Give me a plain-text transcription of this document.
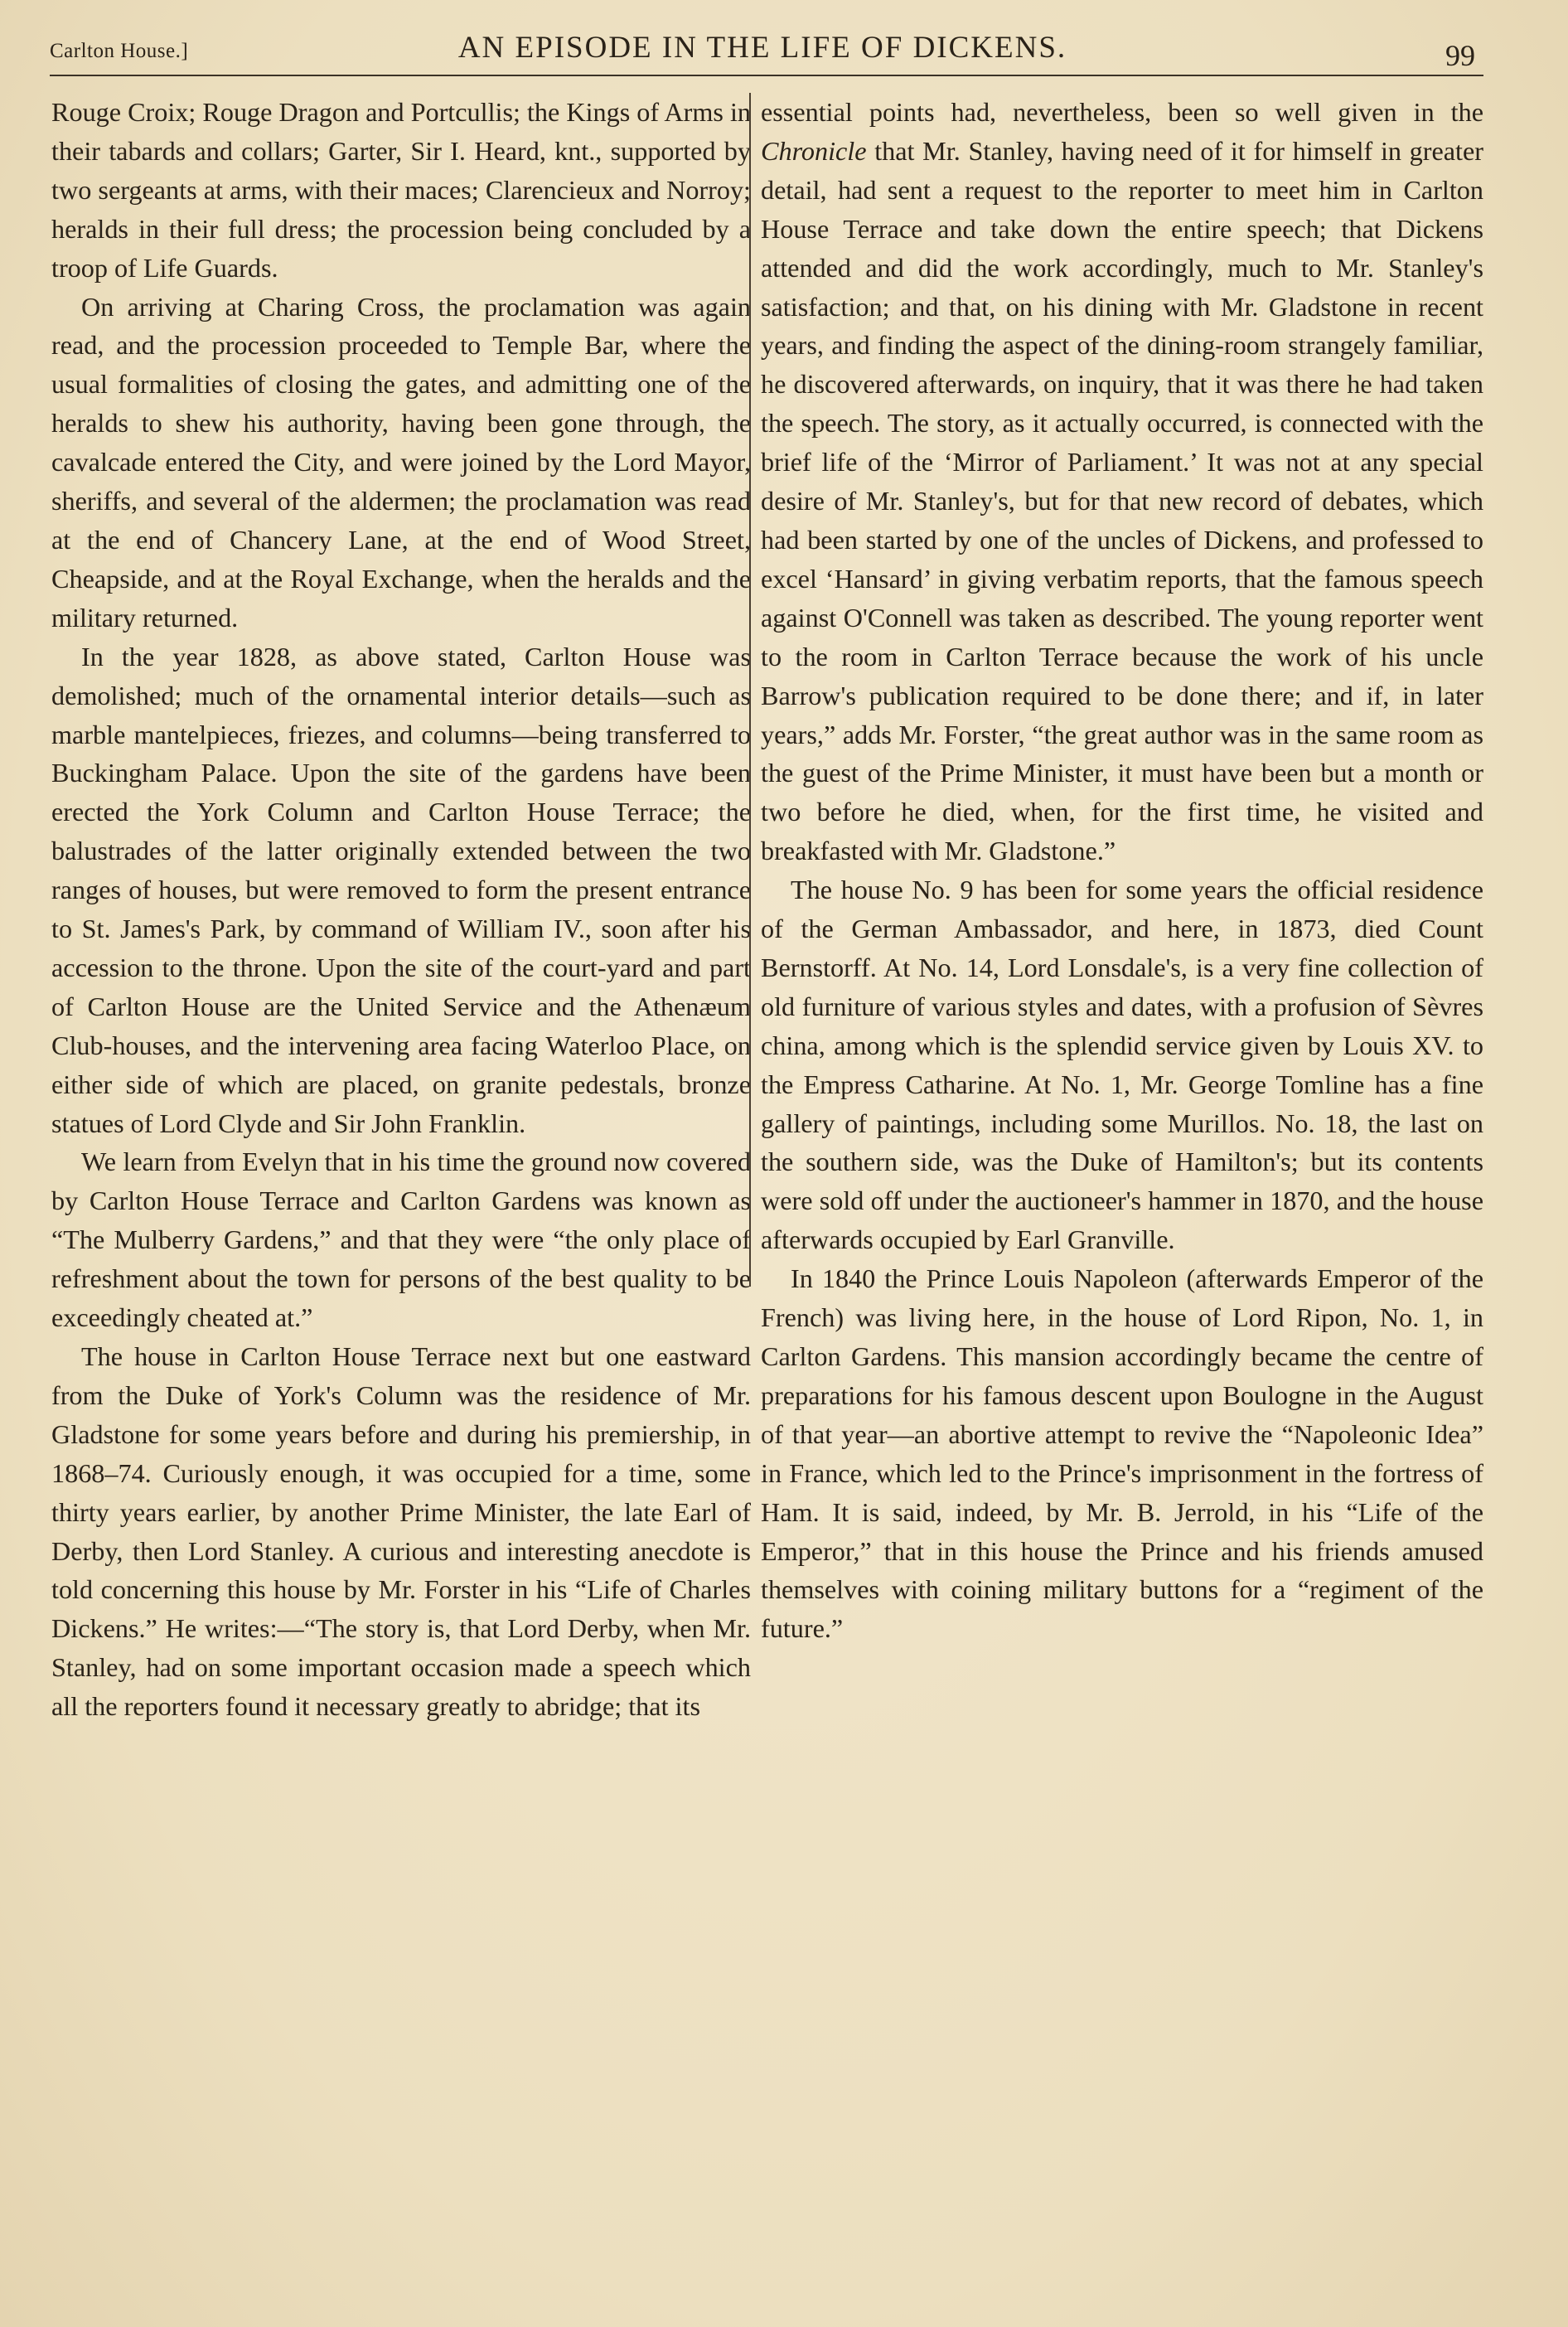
Carlton House.]	AN EPISODE IN THE LIFE OF DICKENS.	99

Rouge Croix; Rouge Dragon and Portcullis; the Kings of Arms in their tabards and collars; Garter, Sir I. Heard, knt., supported by two sergeants at arms, with their maces; Clarencieux and Norroy; heralds in their full dress; the procession being concluded by a troop of Life Guards.

On arriving at Charing Cross, the proclamation was again read, and the procession proceeded to Temple Bar, where the usual formalities of closing the gates, and admitting one of the heralds to shew his authority, having been gone through, the cavalcade entered the City, and were joined by the Lord Mayor, sheriffs, and several of the aldermen; the proclamation was read at the end of Chancery Lane, at the end of Wood Street, Cheapside, and at the Royal Exchange, when the heralds and the military returned.

In the year 1828, as above stated, Carlton House was demolished; much of the ornamental interior details—such as marble mantelpieces, friezes, and columns—being transferred to Buckingham Palace. Upon the site of the gardens have been erected the York Column and Carlton House Terrace; the balustrades of the latter originally extended between the two ranges of houses, but were removed to form the present entrance to St. James's Park, by command of William IV., soon after his accession to the throne. Upon the site of the court-yard and part of Carlton House are the United Service and the Athenæum Club-houses, and the intervening area facing Waterloo Place, on either side of which are placed, on granite pedestals, bronze statues of Lord Clyde and Sir John Franklin.

We learn from Evelyn that in his time the ground now covered by Carlton House Terrace and Carlton Gardens was known as “The Mulberry Gardens,” and that they were “the only place of refreshment about the town for persons of the best quality to be exceedingly cheated at.”

The house in Carlton House Terrace next but one eastward from the Duke of York's Column was the residence of Mr. Gladstone for some years before and during his premiership, in 1868–74. Curiously enough, it was occupied for a time, some thirty years earlier, by another Prime Minister, the late Earl of Derby, then Lord Stanley. A curious and interesting anecdote is told concerning this house by Mr. Forster in his “Life of Charles Dickens.” He writes:—“The story is, that Lord Derby, when Mr. Stanley, had on some important occasion made a speech which all the reporters found it necessary greatly to abridge; that its

essential points had, nevertheless, been so well given in the Chronicle that Mr. Stanley, having need of it for himself in greater detail, had sent a request to the reporter to meet him in Carlton House Terrace and take down the entire speech; that Dickens attended and did the work accordingly, much to Mr. Stanley's satisfaction; and that, on his dining with Mr. Gladstone in recent years, and finding the aspect of the dining-room strangely familiar, he discovered afterwards, on inquiry, that it was there he had taken the speech. The story, as it actually occurred, is connected with the brief life of the ‘Mirror of Parliament.’ It was not at any special desire of Mr. Stanley's, but for that new record of debates, which had been started by one of the uncles of Dickens, and professed to excel ‘Hansard’ in giving verbatim reports, that the famous speech against O'Connell was taken as described. The young reporter went to the room in Carlton Terrace because the work of his uncle Barrow's publication required to be done there; and if, in later years,” adds Mr. Forster, “the great author was in the same room as the guest of the Prime Minister, it must have been but a month or two before he died, when, for the first time, he visited and breakfasted with Mr. Gladstone.”

The house No. 9 has been for some years the official residence of the German Ambassador, and here, in 1873, died Count Bernstorff. At No. 14, Lord Lonsdale's, is a very fine collection of old furniture of various styles and dates, with a profusion of Sèvres china, among which is the splendid service given by Louis XV. to the Empress Catharine. At No. 1, Mr. George Tomline has a fine gallery of paintings, including some Murillos. No. 18, the last on the southern side, was the Duke of Hamilton's; but its contents were sold off under the auctioneer's hammer in 1870, and the house afterwards occupied by Earl Granville.

In 1840 the Prince Louis Napoleon (afterwards Emperor of the French) was living here, in the house of Lord Ripon, No. 1, in Carlton Gardens. This mansion accordingly became the centre of preparations for his famous descent upon Boulogne in the August of that year—an abortive attempt to revive the “Napoleonic Idea” in France, which led to the Prince's imprisonment in the fortress of Ham. It is said, indeed, by Mr. B. Jerrold, in his “Life of the Emperor,” that in this house the Prince and his friends amused themselves with coining military buttons for a “regiment of the future.”
